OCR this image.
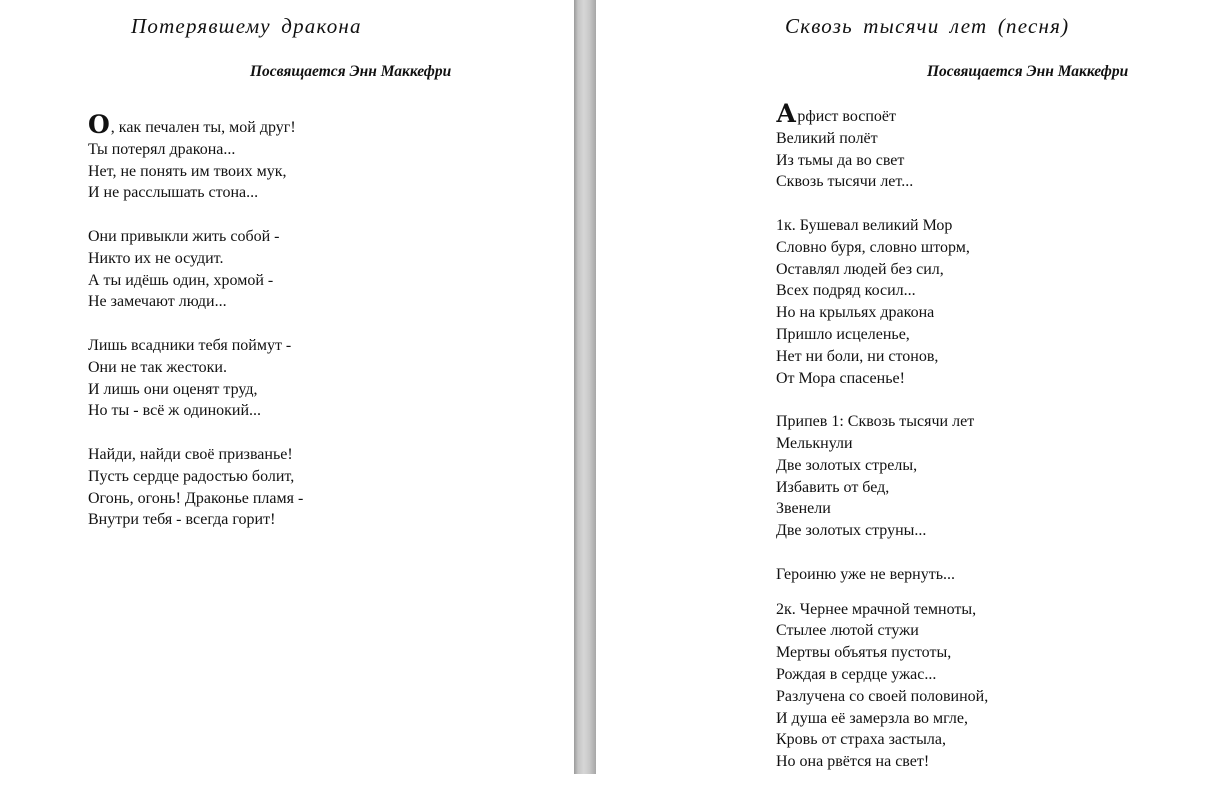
Потерявшему дракона

Посвящается Энн Маккефри

О, как печален ты, мой друг!
Ты потерял дракона...
Нет, не понять им твоих мук,
И не расслышать стона...
Они привыкли жить собой -
Никто их не осудит.
А ты идёшь один, хромой -
Не замечают люди...
Лишь всадники тебя поймут -
Они не так жестоки.
И лишь они оценят труд,
Но ты - всё ж одинокий...
Найди, найди своё призванье!
Пусть сердце радостью болит,
Огонь, огонь! Драконье пламя -
Внутри тебя - всегда горит!
Сквозь тысячи лет (песня)

Посвящается Энн Маккефри

Арфист воспоёт
Великий полёт
Из тьмы да во свет
Сквозь тысячи лет...
1к. Бушевал великий Мор
Словно буря, словно шторм,
Оставлял людей без сил,
Всех подряд косил...
Но на крыльях дракона
Пришло исцеленье,
Нет ни боли, ни стонов,
От Мора спасенье!
Припев 1: Сквозь тысячи лет
Мелькнули
Две золотых стрелы,
Избавить от бед,
Звенели
Две золотых струны...
Героиню уже не вернуть...
2к. Чернее мрачной темноты,
Стылее лютой стужи
Мертвы объятья пустоты,
Рождая в сердце ужас...
Разлучена со своей половиной,
И душа её замерзла во мгле,
Кровь от страха застыла,
Но она рвётся на свет!
